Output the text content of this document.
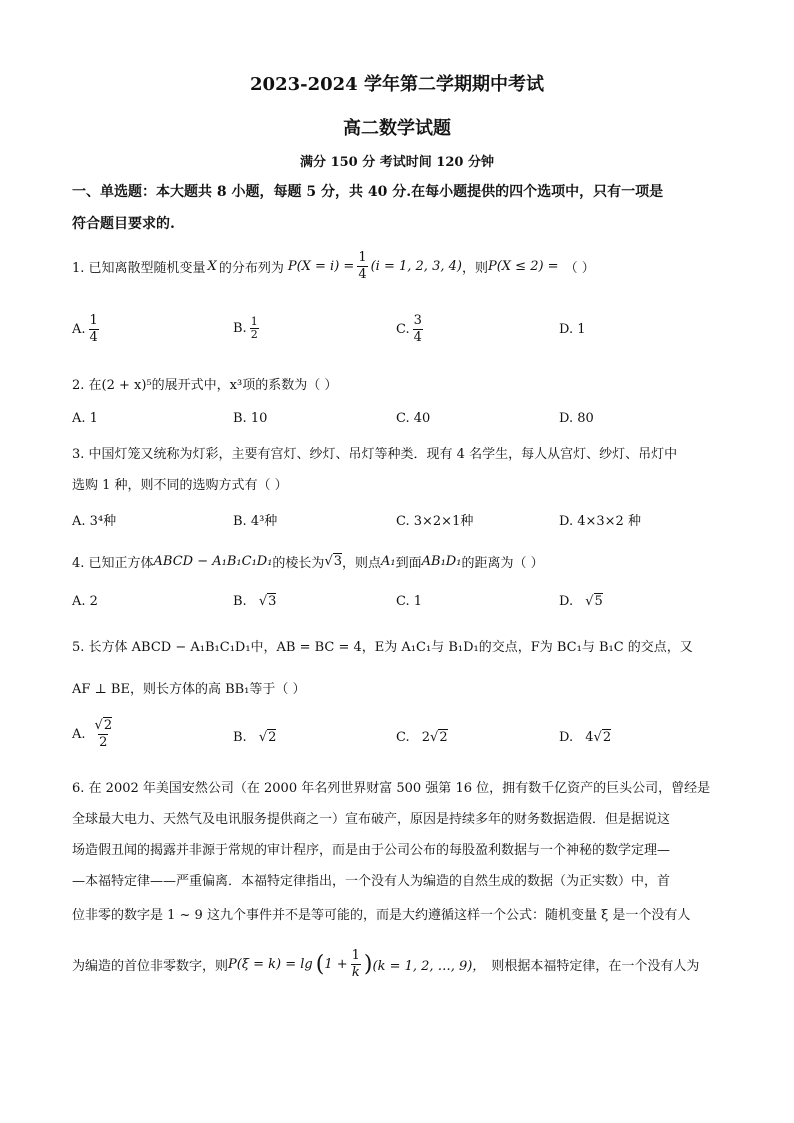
2023-2024 学年第二学期期中考试
高二数学试题
满分 150 分 考试时间 120 分钟
一、单选题：本大题共 8 小题，每题 5 分，共 40 分.在每小题提供的四个选项中，只有一项是
符合题目要求的.
1. 已知离散型随机变量 X 的分布列为 $P(X = i) = \frac{1}{4} (i = 1$, 2, 3, 4) ，则 P(X ≤ 2) = （ ）
A. $\frac{1}{4}$	B. $\frac{1}{2}$	C. $\frac{3}{4}$	D. 1
2. 在(2 + x)⁵的展开式中，x³项的系数为（ ）
A. 1	B. 10	C. 40	D. 80
3. 中国灯笼又统称为灯彩，主要有宫灯、纱灯、吊灯等种类．现有 4 名学生，每人从宫灯、纱灯、吊灯中
选购 1 种，则不同的选购方式有（ ）
A. 3⁴种	B. 4³种	C. 3×2×1种	D. 4×3×2 种
4. 已知正方体 ABCD − A₁B₁C₁D₁ 的棱长为 √3 ，则点 A₁ 到面 AB₁D₁ 的距离为（ ）
A. 2	B. √3	C. 1	D. √5
5. 长方体 ABCD − A₁B₁C₁D₁中，AB = BC = 4，E为 A₁C₁与 B₁D₁的交点，F为 BC₁与 B₁C 的交点，又
AF ⊥ BE，则长方体的高 BB₁等于（ ）
A. $\frac{√2}{2}$	B. √2	C. 2√2	D. 4√2
6. 在 2002 年美国安然公司（在 2000 年名列世界财富 500 强第 16 位，拥有数千亿资产的巨头公司，曾经是
全球最大电力、天然气及电讯服务提供商之一）宣布破产，原因是持续多年的财务数据造假．但是据说这
场造假丑闻的揭露并非源于常规的审计程序，而是由于公司公布的每股盈利数据与一个神秘的数学定理—
—本福特定律——严重偏离．本福特定律指出，一个没有人为编造的自然生成的数据（为正实数）中，首
位非零的数字是 1 ~ 9 这九个事件并不是等可能的，而是大约遵循这样一个公式：随机变量 ξ 是一个没有人
为编造的首位非零数字，则 P(ξ = k) = lg ( $1 + \frac{1}{k}$ ) (k = 1, 2, …, 9)， 则根据本福特定律，在一个没有人为
